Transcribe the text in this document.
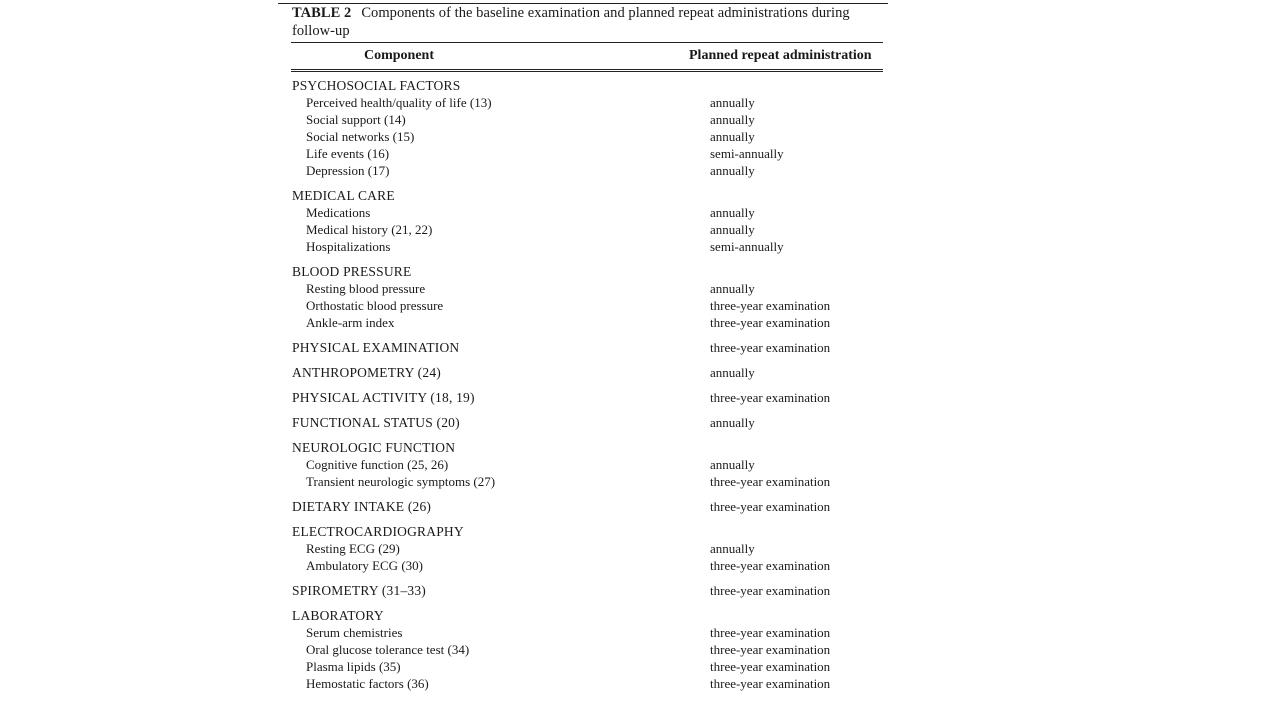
TABLE 2 Components of the baseline examination and planned repeat administrations during follow-up
Component	Planned repeat administration
PSYCHOSOCIAL FACTORS
Perceived health/quality of life (13)	annually
Social support (14)	annually
Social networks (15)	annually
Life events (16)	semi-annually
Depression (17)	annually
MEDICAL CARE
Medications	annually
Medical history (21, 22)	annually
Hospitalizations	semi-annually
BLOOD PRESSURE
Resting blood pressure	annually
Orthostatic blood pressure	three-year examination
Ankle-arm index	three-year examination
PHYSICAL EXAMINATION	three-year examination
ANTHROPOMETRY (24)	annually
PHYSICAL ACTIVITY (18, 19)	three-year examination
FUNCTIONAL STATUS (20)	annually
NEUROLOGIC FUNCTION
Cognitive function (25, 26)	annually
Transient neurologic symptoms (27)	three-year examination
DIETARY INTAKE (26)	three-year examination
ELECTROCARDIOGRAPHY
Resting ECG (29)	annually
Ambulatory ECG (30)	three-year examination
SPIROMETRY (31–33)	three-year examination
LABORATORY
Serum chemistries	three-year examination
Oral glucose tolerance test (34)	three-year examination
Plasma lipids (35)	three-year examination
Hemostatic factors (36)	three-year examination
